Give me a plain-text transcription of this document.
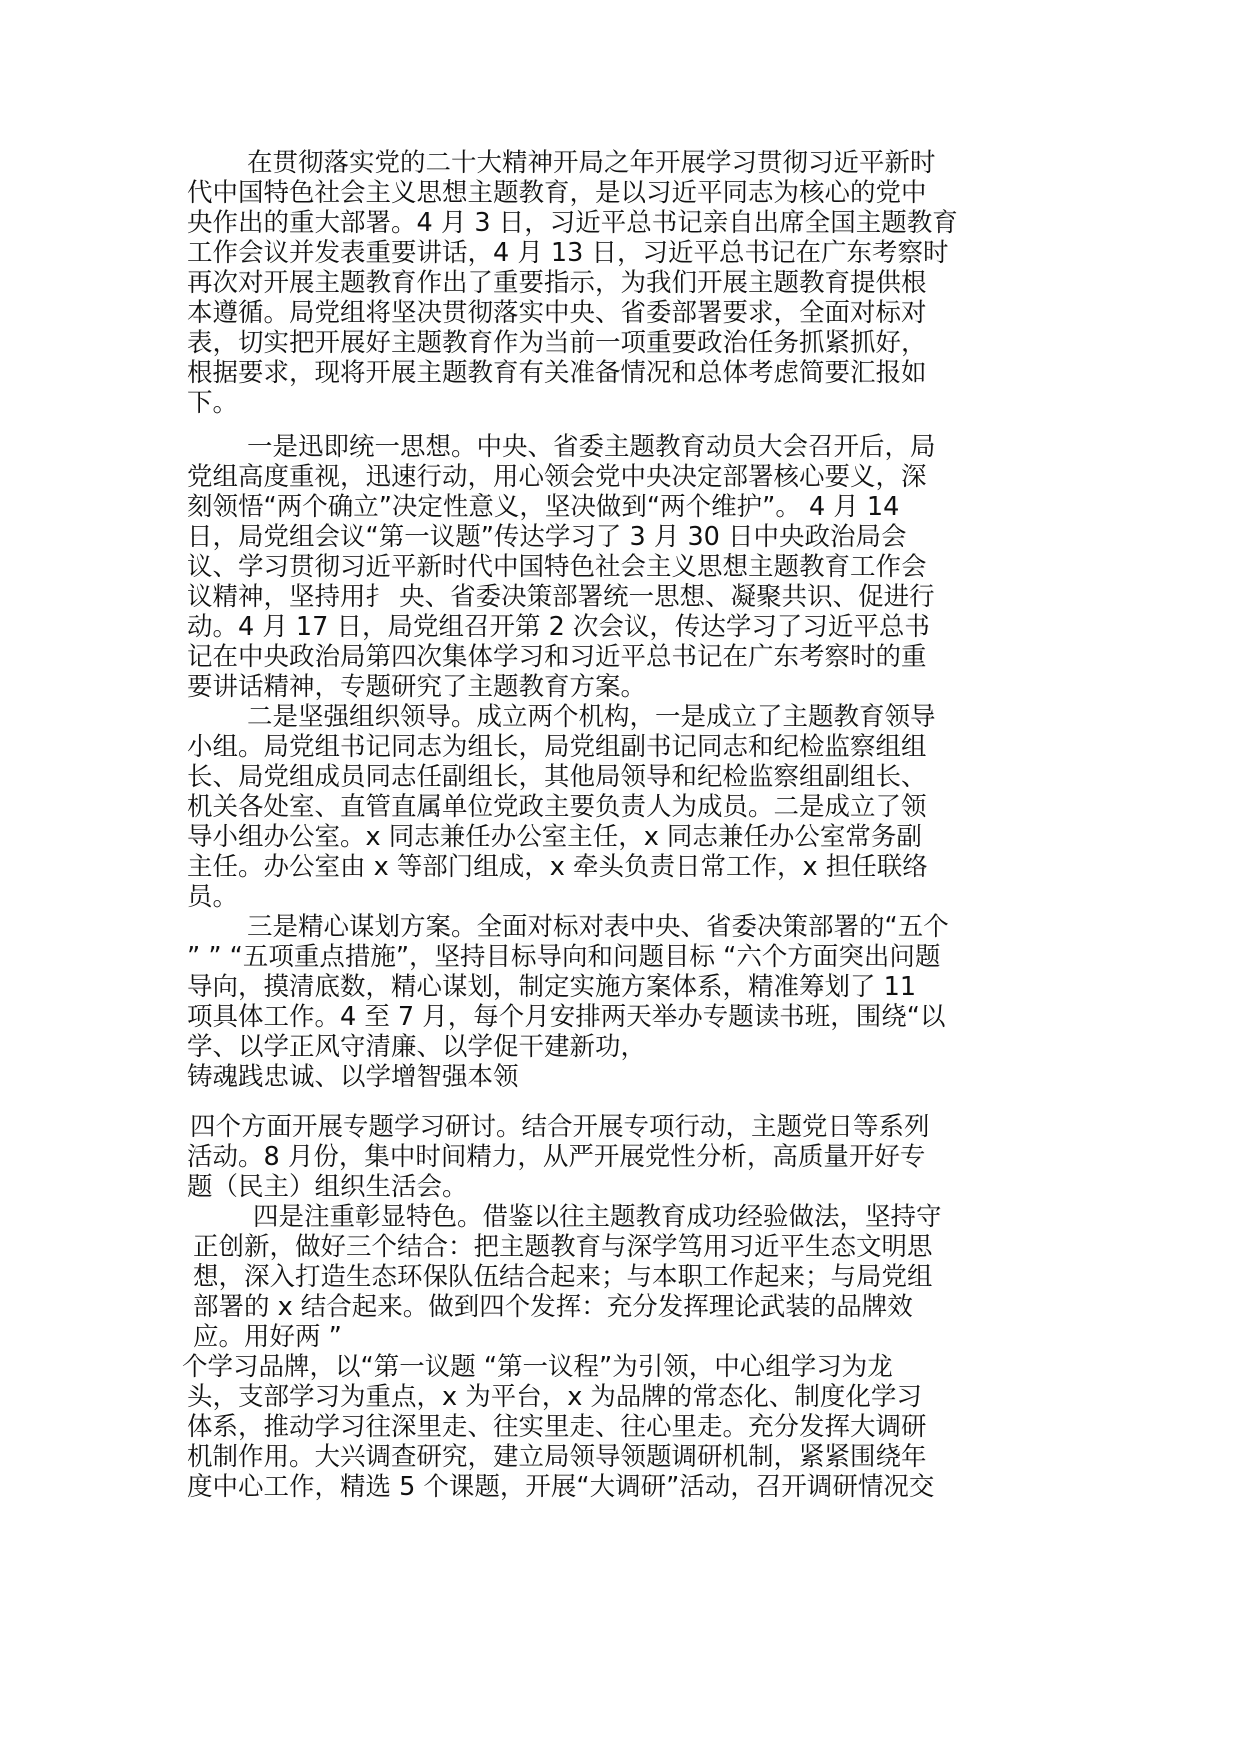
在贯彻落实党的二十大精神开局之年开展学习贯彻习近平新时
代中国特色社会主义思想主题教育，是以习近平同志为核心的党中
央作出的重大部署。4 月 3 日，习近平总书记亲自出席全国主题教育
工作会议并发表重要讲话，4 月 13 日，习近平总书记在广东考察时
再次对开展主题教育作出了重要指示，为我们开展主题教育提供根
本遵循。局党组将坚决贯彻落实中央、省委部署要求，全面对标对
表，切实把开展好主题教育作为当前一项重要政治任务抓紧抓好，
根据要求，现将开展主题教育有关准备情况和总体考虑简要汇报如
下。
一是迅即统一思想。中央、省委主题教育动员大会召开后，局
党组高度重视，迅速行动，用心领会党中央决定部署核心要义，深
刻领悟“两个确立”决定性意义，坚决做到“两个维护”。 4 月 14
日，局党组会议“第一议题”传达学习了 3 月 30 日中央政治局会
议、学习贯彻习近平新时代中国特色社会主义思想主题教育工作会
议精神，坚持用扌 央、省委决策部署统一思想、凝聚共识、促进行
动。4 月 17 日，局党组召开第 2 次会议，传达学习了习近平总书
记在中央政治局第四次集体学习和习近平总书记在广东考察时的重
要讲话精神，专题研究了主题教育方案。
二是坚强组织领导。成立两个机构，一是成立了主题教育领导
小组。局党组书记同志为组长，局党组副书记同志和纪检监察组组
长、局党组成员同志任副组长，其他局领导和纪检监察组副组长、
机关各处室、直管直属单位党政主要负责人为成员。二是成立了领
导小组办公室。x 同志兼任办公室主任，x 同志兼任办公室常务副
主任。办公室由 x 等部门组成，x 牵头负责日常工作，x 担任联络
员。
三是精心谋划方案。全面对标对表中央、省委决策部署的“五个
” ” “五项重点措施”，坚持目标导向和问题目标 “六个方面突出问题
导向，摸清底数，精心谋划，制定实施方案体系，精准筹划了 11
项具体工作。4 至 7 月，每个月安排两天举办专题读书班，围绕“以
学、以学正风守清廉、以学促干建新功，
铸魂践忠诚、以学增智强本领
四个方面开展专题学习研讨。结合开展专项行动，主题党日等系列
活动。8 月份，集中时间精力，从严开展党性分析，高质量开好专
题（民主）组织生活会。
四是注重彰显特色。借鉴以往主题教育成功经验做法，坚持守
正创新，做好三个结合：把主题教育与深学笃用习近平生态文明思
想，深入打造生态环保队伍结合起来；与本职工作起来；与局党组
部署的 x 结合起来。做到四个发挥：充分发挥理论武装的品牌效
应。用好两 ”
个学习品牌，以“第一议题 “第一议程”为引领，中心组学习为龙
头，支部学习为重点，x 为平台，x 为品牌的常态化、制度化学习
体系，推动学习往深里走、往实里走、往心里走。充分发挥大调研
机制作用。大兴调查研究，建立局领导领题调研机制，紧紧围绕年
度中心工作，精选 5 个课题，开展“大调研”活动，召开调研情况交
